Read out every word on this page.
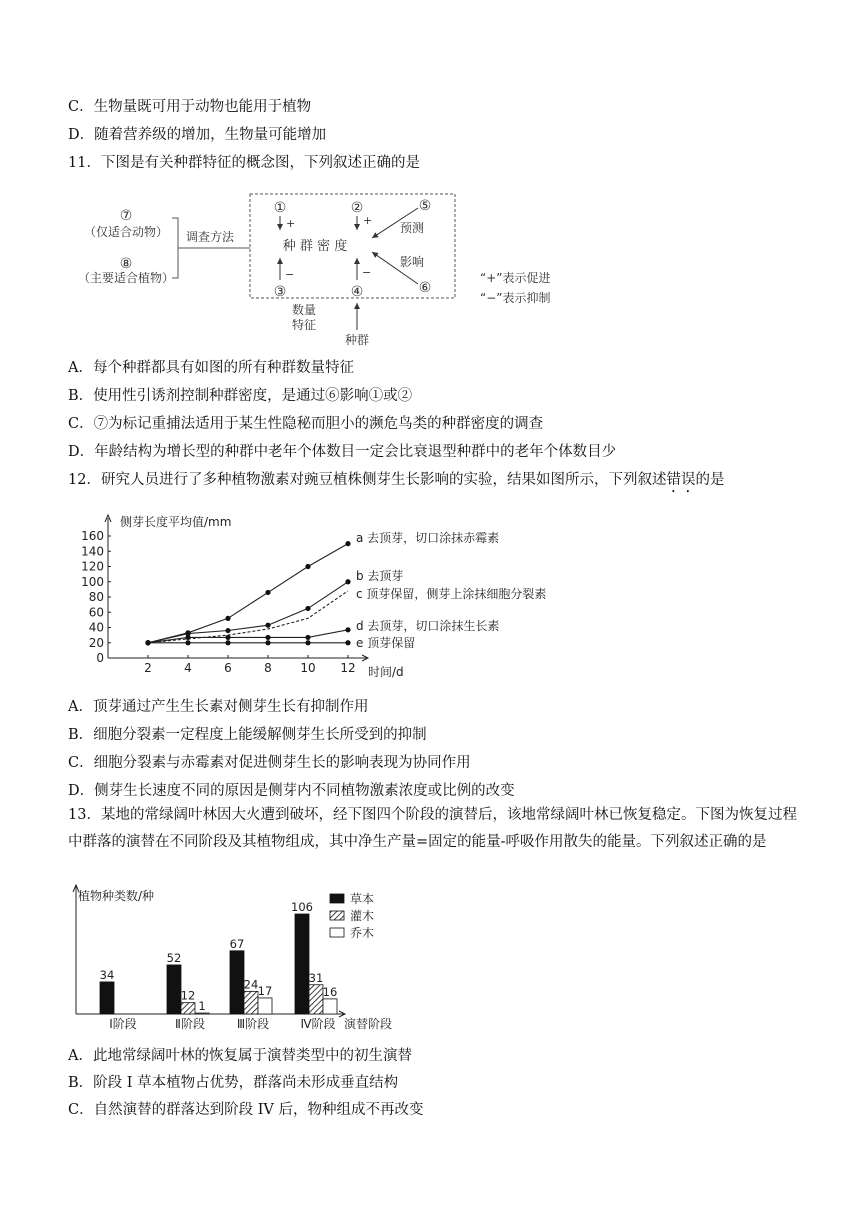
C．生物量既可用于动物也能用于植物
D．随着营养级的增加，生物量可能增加
11．下图是有关种群特征的概念图，下列叙述正确的是
⑦
（仅适合动物）
⑧
（主要适合植物）
调查方法
①	②
③	④
⑤
⑥
+	+
−	−
种 群 密 度
预测
影响
数量
特征
种群
“+”表示促进
“−”表示抑制
A．每个种群都具有如图的所有种群数量特征
B．使用性引诱剂控制种群密度，是通过⑥影响①或②
C．⑦为标记重捕法适用于某生性隐秘而胆小的濒危鸟类的种群密度的调查
D．年龄结构为增长型的种群中老年个体数目一定会比衰退型种群中的老年个体数目少
12．研究人员进行了多种植物激素对豌豆植株侧芽生长影响的实验，结果如图所示，下列叙述错误的是
侧芽长度平均值/mm
时间/d
0
20
40
60
80
100
120
140
160
2	4	6	8 10 12
a 去顶芽，切口涂抹赤霉素
b 去顶芽
c 顶芽保留，侧芽上涂抹细胞分裂素
d 去顶芽，切口涂抹生长素
e 顶芽保留
A．顶芽通过产生生长素对侧芽生长有抑制作用
B．细胞分裂素一定程度上能缓解侧芽生长所受到的抑制
C．细胞分裂素与赤霉素对促进侧芽生长的影响表现为协同作用
D．侧芽生长速度不同的原因是侧芽内不同植物激素浓度或比例的改变
13．某地的常绿阔叶林因大火遭到破坏，经下图四个阶段的演替后，该地常绿阔叶林已恢复稳定。下图为恢复过程中群落的演替在不同阶段及其植物组成，其中净生产量=固定的能量-呼吸作用散失的能量。下列叙述正确的是
植物种类数/种
演替阶段
Ⅰ阶段	Ⅱ阶段	Ⅲ阶段	Ⅳ阶段
34
52
12
1
67
24 17
106
31
16
草本
灌木
乔木
A．此地常绿阔叶林的恢复属于演替类型中的初生演替
B．阶段 I 草本植物占优势，群落尚未形成垂直结构
C．自然演替的群落达到阶段 IV 后，物种组成不再改变
